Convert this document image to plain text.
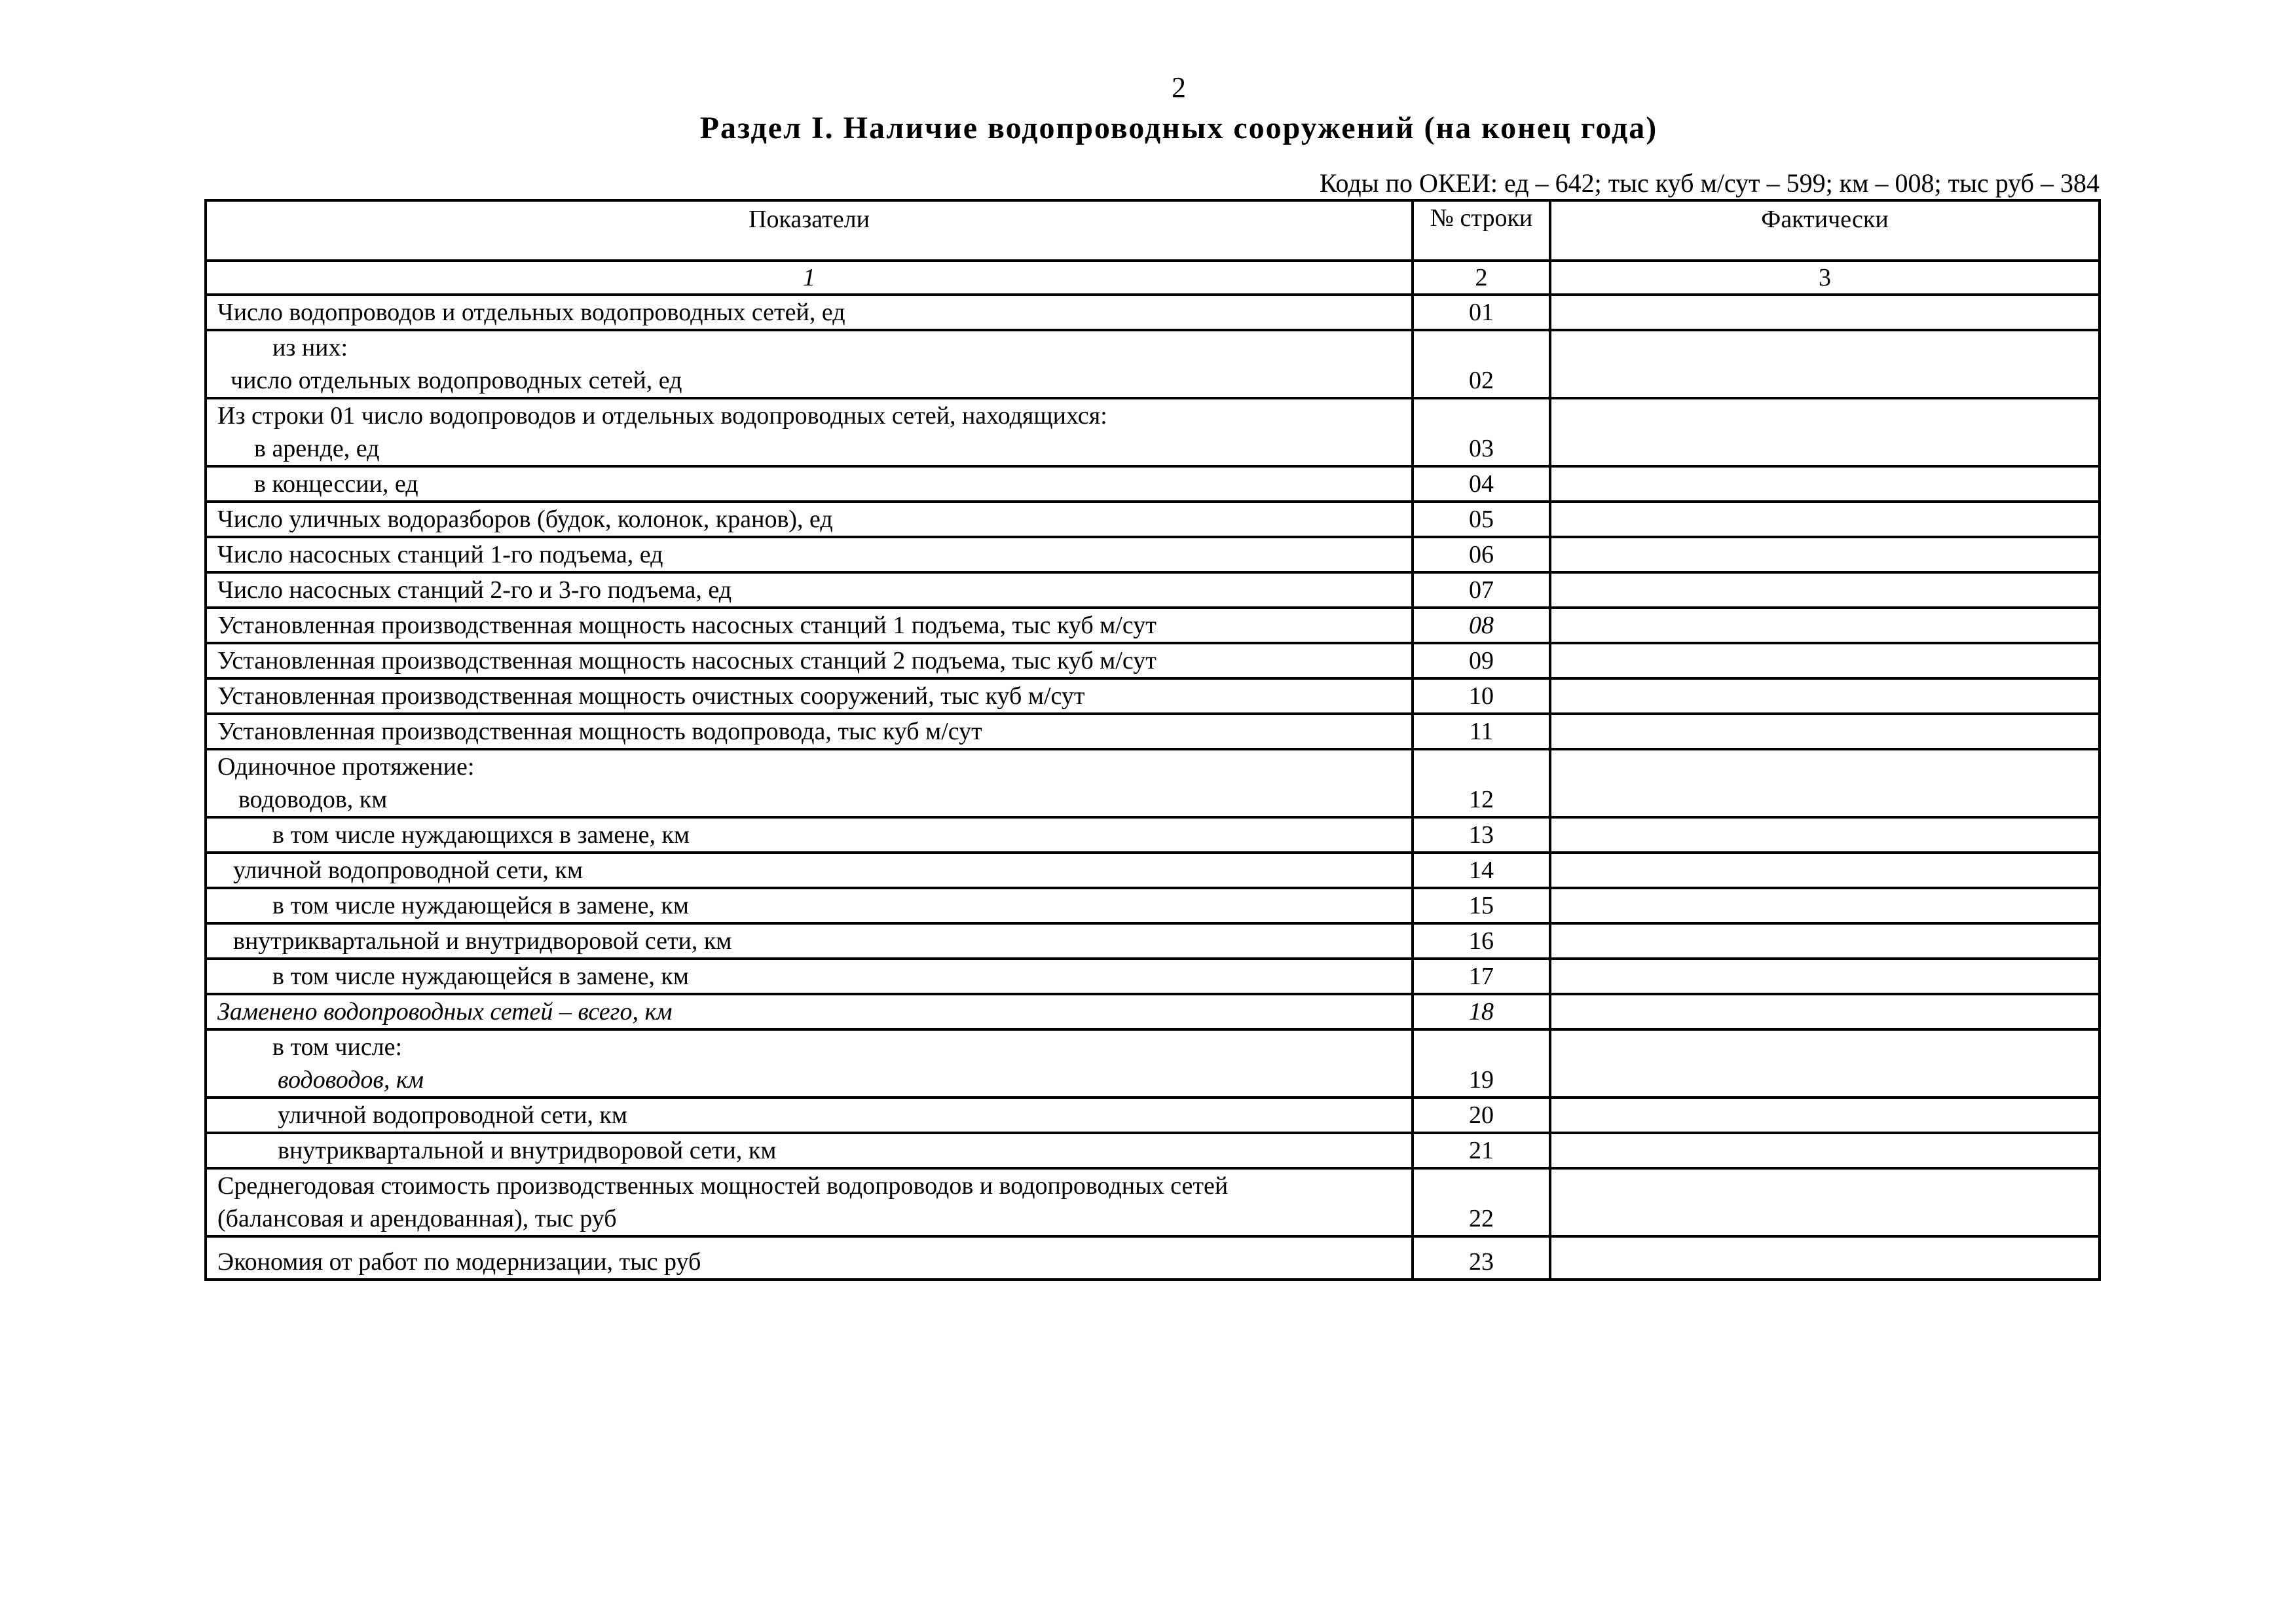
2
Раздел I. Наличие водопроводных сооружений (на конец года)
Коды по ОКЕИ: ед – 642; тыс куб м/сут – 599; км – 008; тыс руб – 384
Показатели	№ строки	Фактически
1	2	3

Число водопроводов и отдельных водопроводных сетей, ед	01	

из них:
число отдельных водопроводных сетей, ед	02	

Из строки 01 число водопроводов и отдельных водопроводных сетей, находящихся:
в аренде, ед	03	

в концессии, ед	04	

Число уличных водоразборов (будок, колонок, кранов), ед	05	

Число насосных станций 1-го подъема, ед	06	

Число насосных станций 2-го и 3-го подъема, ед	07	

Установленная производственная мощность насосных станций 1 подъема, тыс куб м/сут	08	

Установленная производственная мощность насосных станций 2 подъема, тыс куб м/сут	09	

Установленная производственная мощность очистных сооружений, тыс куб м/сут	10	

Установленная производственная мощность водопровода, тыс куб м/сут	11	

Одиночное протяжение:
водоводов, км	12	

в том числе нуждающихся в замене, км	13	

уличной водопроводной сети, км	14	

в том числе нуждающейся в замене, км	15	

внутриквартальной и внутридворовой сети, км	16	

в том числе нуждающейся в замене, км	17	

Заменено водопроводных сетей – всего, км	18	

в том числе:
водоводов, км	19	

уличной водопроводной сети, км	20	

внутриквартальной и внутридворовой сети, км	21	

Среднегодовая стоимость производственных мощностей водопроводов и водопроводных сетей
(балансовая и арендованная), тыс руб	22	

Экономия от работ по модернизации, тыс руб	23	
